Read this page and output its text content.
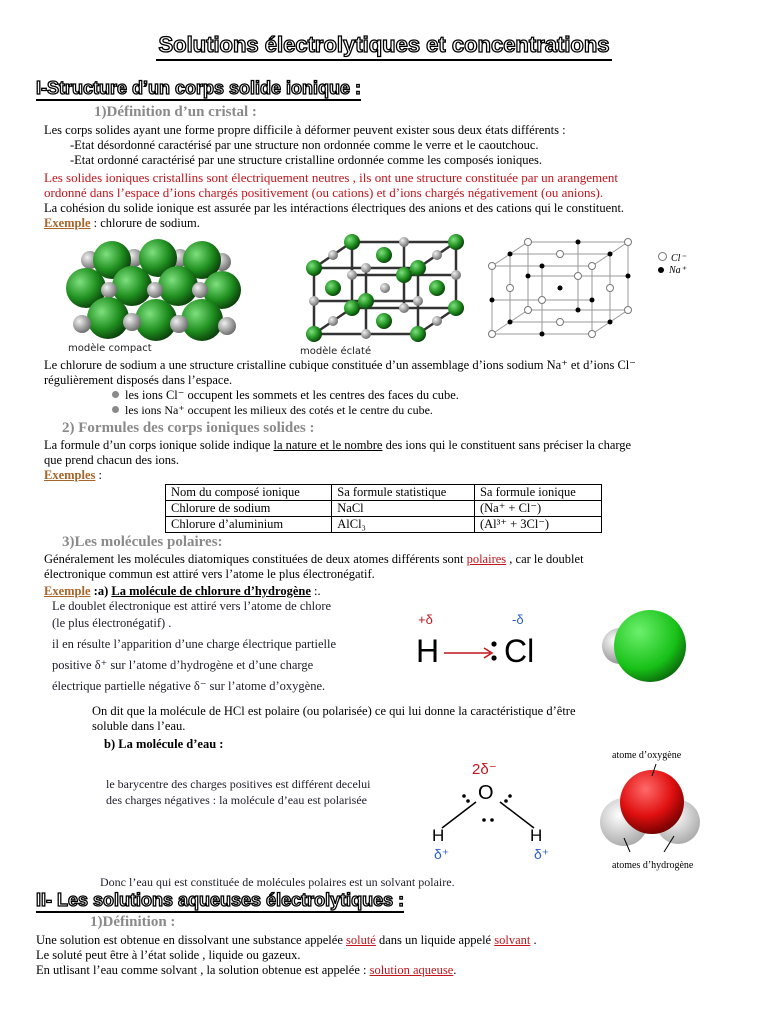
Solutions électrolytiques et concentrations
I-Structure d’un corps solide ionique :
1)Définition d’un cristal :
Les corps solides ayant une forme propre difficile à déformer peuvent exister sous deux états différents :
-Etat désordonné caractérisé par une structure non ordonnée comme le verre et le caoutchouc.
-Etat ordonné caractérisé par une structure cristalline ordonnée comme les composés ioniques.
Les solides ioniques cristallins sont électriquement neutres , ils ont une structure constituée par un arangement
ordonné dans l’espace d’ions chargés positivement (ou cations) et d’ions chargés négativement (ou anions).
La cohésion du solide ionique est assurée par les intéractions électriques des anions et des cations qui le constituent.
Exemple : chlorure de sodium.
modèle compact	modèle éclaté
Cl⁻
Na⁺
Le chlorure de sodium a une structure cristalline cubique constituée d’un assemblage d’ions sodium Na⁺ et d’ions Cl⁻
régulièrement disposés dans l’espace.
les ions Cl⁻ occupent les sommets et les centres des faces du cube.
les ions Na⁺ occupent les milieux des cotés et le centre du cube.
2) Formules des corps ioniques solides :
La formule d’un corps ionique solide indique la nature et le nombre des ions qui le constituent sans préciser la charge
que prend chacun des ions.
Exemples :
Nom du composé ionique	Sa formule statistique	Sa formule ionique
Chlorure de sodium	NaCl	(Na⁺ + Cl⁻)
Chlorure d’aluminium	AlCl₃	(Al³⁺ + 3Cl⁻)
3)Les molécules polaires:
Généralement les molécules diatomiques constituées de deux atomes différents sont polaires , car le doublet
électronique commun est attiré vers l’atome le plus électronégatif.
Exemple :a) La molécule de chlorure d’hydrogène :.
Le doublet électronique est attiré vers l’atome de chlore
(le plus électronégatif) .
il en résulte l’apparition d’une charge électrique partielle
positive δ⁺ sur l’atome d’hydrogène et d’une charge
électrique partielle négative δ⁻ sur l’atome d’oxygène.
+δ	-δ
H Cl
On dit que la molécule de HCl est polaire (ou polarisée) ce qui lui donne la caractéristique d’être
soluble dans l’eau.
b) La molécule d’eau :
le barycentre des charges positives est différent decelui
des charges négatives : la molécule d’eau est polarisée
2δ⁻
O
H	H
δ⁺	δ⁺
atome d’oxygène
atomes d’hydrogène
Donc l’eau qui est constituée de molécules polaires est un solvant polaire.
II- Les solutions aqueuses électrolytiques :
1)Définition :
Une solution est obtenue en dissolvant une substance appelée soluté dans un liquide appelé solvant .
Le soluté peut être à l’état solide , liquide ou gazeux.
En utlisant l’eau comme solvant , la solution obtenue est appelée : solution aqueuse.
